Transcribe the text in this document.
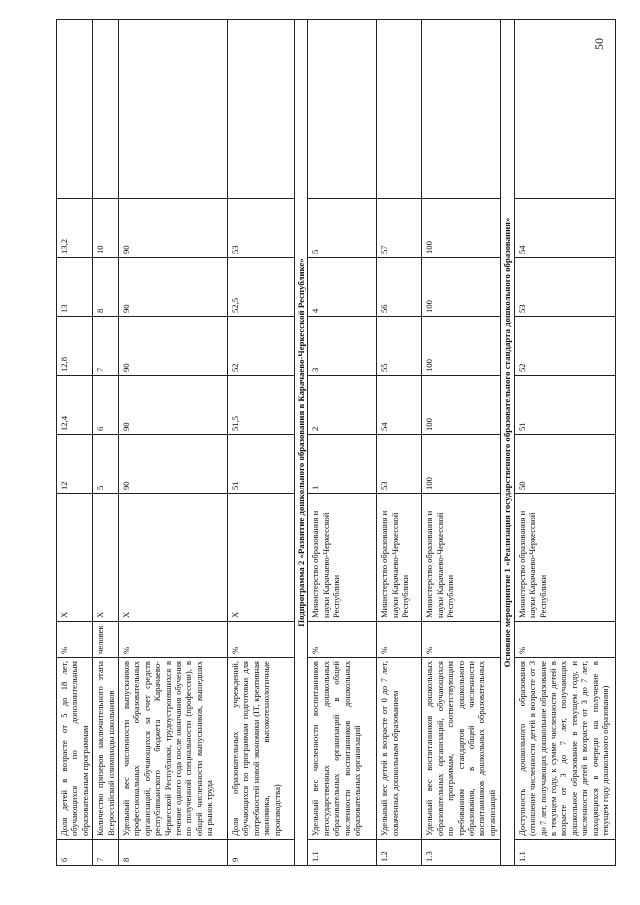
50
6	Доля детей в возрасте от 5 до 18 лет, обучающихся по дополнительным образовательным программам	%	Х	12	12,4	12,8	13	13,2	
7	Количество призеров заключительного этапа Всероссийской олимпиады школьников	человек	Х	5	6	7	8	10	
8	Удельный вес численности выпускников профессиональных образовательных организаций, обучающихся за счет средств республиканского бюджета Карачаево-Черкесской Республики, трудоустроившихся в течение одного года после окончания обучения по полученной специальности (профессии), в общей численности выпускников, вышедших на рынок труда	%	Х	90	90	90	90	90	
9	Доля образовательных учреждений, обучающихся по программам подготовки для потребностей новой экономики (IT, креативная экономика, высокотехнологичные производства)	%	Х	51	51,5	52	52,5	53	
Подпрограмма 2 «Развитие дошкольного образования в Карачаево-Черкесской Республике»									
1.1	Удельный вес численности воспитанников негосударственных дошкольных образовательных организаций в общей численности воспитанников дошкольных образовательных организаций	%	Министерство образования и науки Карачаево-Черкесской Республики	1	2	3	4	5	
1.2	Удельный вес детей в возрасте от 0 до 7 лет, охваченных дошкольным образованием	%	Министерство образования и науки Карачаево-Черкесской Республики	53	54	55	56	57	
1.3	Удельный вес воспитанников дошкольных образовательных организаций, обучающихся по программам, соответствующим требованиям стандартов дошкольного образования, в общей численности воспитанников дошкольных образовательных организаций	%	Министерство образования и науки Карачаево-Черкесской Республики	100	100	100	100	100	
Основное мероприятие 1 «Реализация государственного образовательного стандарта дошкольного образования»									
1.1	Доступность дошкольного образования (отношение численности детей в возрасте от 3 до 7 лет, получающих дошкольное образование в текущем году, к сумме численности детей в возрасте от 3 до 7 лет, получающих дошкольное образование в текущем году, и численности детей в возрасте от 3 до 7 лет, находящихся в очереди на получение в текущем году дошкольного образования)	%	Министерство образования и науки Карачаево-Черкесской Республики	50	51	52	53	54	
